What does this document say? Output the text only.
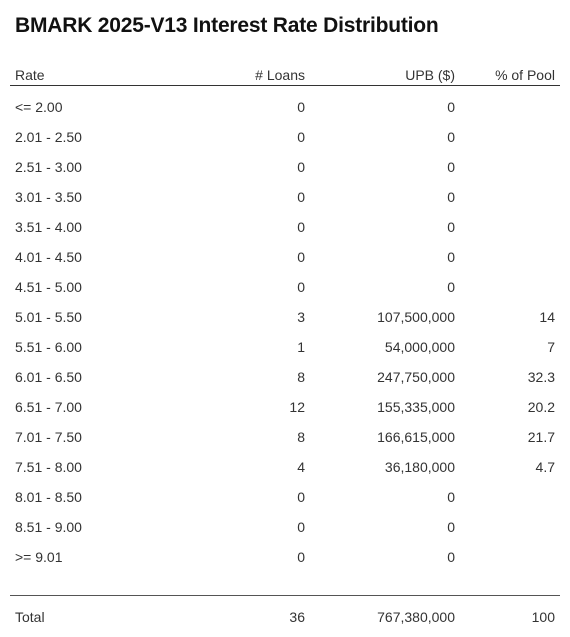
BMARK 2025-V13 Interest Rate Distribution
Rate	# Loans	UPB ($)	% of Pool
<= 2.00	0	0
2.01 - 2.50	0	0
2.51 - 3.00	0	0
3.01 - 3.50	0	0
3.51 - 4.00	0	0
4.01 - 4.50	0	0
4.51 - 5.00	0	0
5.01 - 5.50	3	107,500,000	14
5.51 - 6.00	1	54,000,000	7
6.01 - 6.50	8	247,750,000	32.3
6.51 - 7.00	12	155,335,000	20.2
7.01 - 7.50	8	166,615,000	21.7
7.51 - 8.00	4	36,180,000	4.7
8.01 - 8.50	0	0
8.51 - 9.00	0	0
>= 9.01	0	0
Total	36	767,380,000	100
